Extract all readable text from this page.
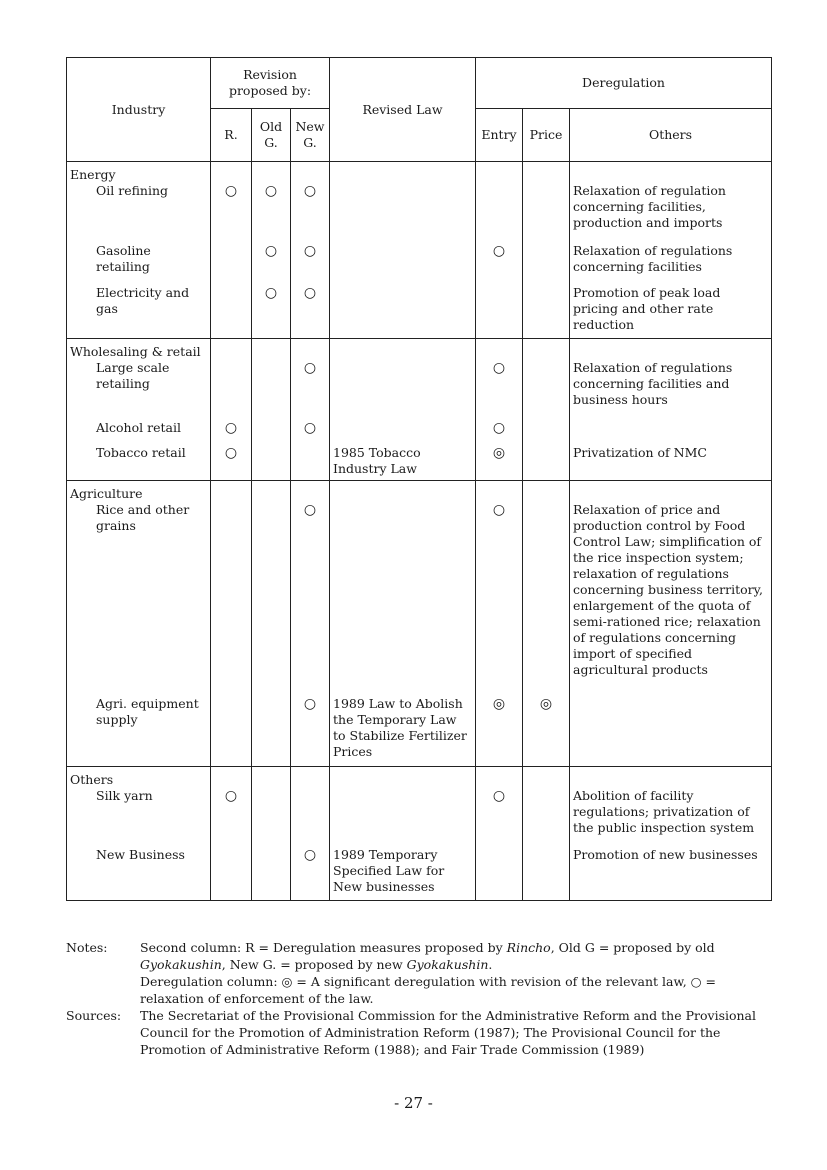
Industry	Revision proposed by:			Revised Law	Deregulation		
	R.	Old G.	New G.		Entry	Price	Others
Energy							
Oil refining	○	○	○				Relaxation of regulation concerning facilities, production and imports
Gasoline retailing		○	○		○		Relaxation of regulations concerning facilities
Electricity and gas		○	○				Promotion of peak load pricing and other rate reduction
Wholesaling & retail							
Large scale retailing			○		○		Relaxation of regulations concerning facilities and business hours
Alcohol retail	○		○		○		
Tobacco retail	○			1985 Tobacco Industry Law	◎		Privatization of NMC
Agriculture							
Rice and other grains			○		○		Relaxation of price and production control by Food Control Law; simplification of the rice inspection system; relaxation of regulations concerning business territory, enlargement of the quota of semi-rationed rice; relaxation of regulations concerning import of specified agricultural products
Agri. equipment supply			○	1989 Law to Abolish the Temporary Law to Stabilize Fertilizer Prices	◎	◎	
Others							
Silk yarn	○				○		Abolition of facility regulations; privatization of the public inspection system
New Business			○	1989 Temporary Specified Law for New businesses			Promotion of new businesses
Notes:	Second column: R = Deregulation measures proposed by Rincho, Old G = proposed by old Gyokakushin, New G. = proposed by new Gyokakushin.
Deregulation column: ◎ = A significant deregulation with revision of the relevant law, ○ = relaxation of enforcement of the law.
Sources:	The Secretariat of the Provisional Commission for the Administrative Reform and the Provisional Council for the Promotion of Administration Reform (1987); The Provisional Council for the Promotion of Administrative Reform (1988); and Fair Trade Commission (1989)
- 27 -
